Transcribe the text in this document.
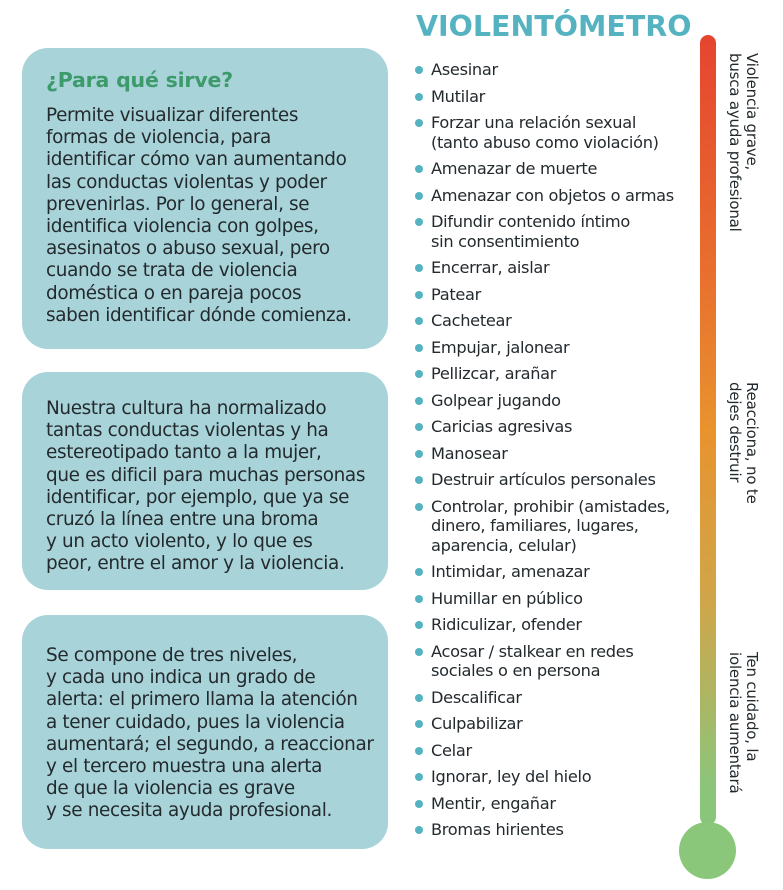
¿Para qué sirve?
Permite visualizar diferentes
formas de violencia, para
identificar cómo van aumentando
las conductas violentas y poder
prevenirlas. Por lo general, se
identifica violencia con golpes,
asesinatos o abuso sexual, pero
cuando se trata de violencia
doméstica o en pareja pocos
saben identificar dónde comienza.
Nuestra cultura ha normalizado
tantas conductas violentas y ha
estereotipado tanto a la mujer,
que es dificil para muchas personas
identificar, por ejemplo, que ya se
cruzó la línea entre una broma
y un acto violento, y lo que es
peor, entre el amor y la violencia.
Se compone de tres niveles,
y cada uno indica un grado de
alerta: el primero llama la atención
a tener cuidado, pues la violencia
aumentará; el segundo, a reaccionar
y el tercero muestra una alerta
de que la violencia es grave
y se necesita ayuda profesional.
VIOLENTÓMETRO
Asesinar
Mutilar
Forzar una relación sexual
(tanto abuso como violación)
Amenazar de muerte
Amenazar con objetos o armas
Difundir contenido íntimo
sin consentimiento
Encerrar, aislar
Patear
Cachetear
Empujar, jalonear
Pellizcar, arañar
Golpear jugando
Caricias agresivas
Manosear
Destruir artículos personales
Controlar, prohibir (amistades,
dinero, familiares, lugares,
aparencia, celular)
Intimidar, amenazar
Humillar en público
Ridiculizar, ofender
Acosar / stalkear en redes
sociales o en persona
Descalificar
Culpabilizar
Celar
Ignorar, ley del hielo
Mentir, engañar
Bromas hirientes
Violencia grave,
busca ayuda profesional
Reacciona, no te
dejes destruir
Ten cuidado, la
iolencia aumentará
